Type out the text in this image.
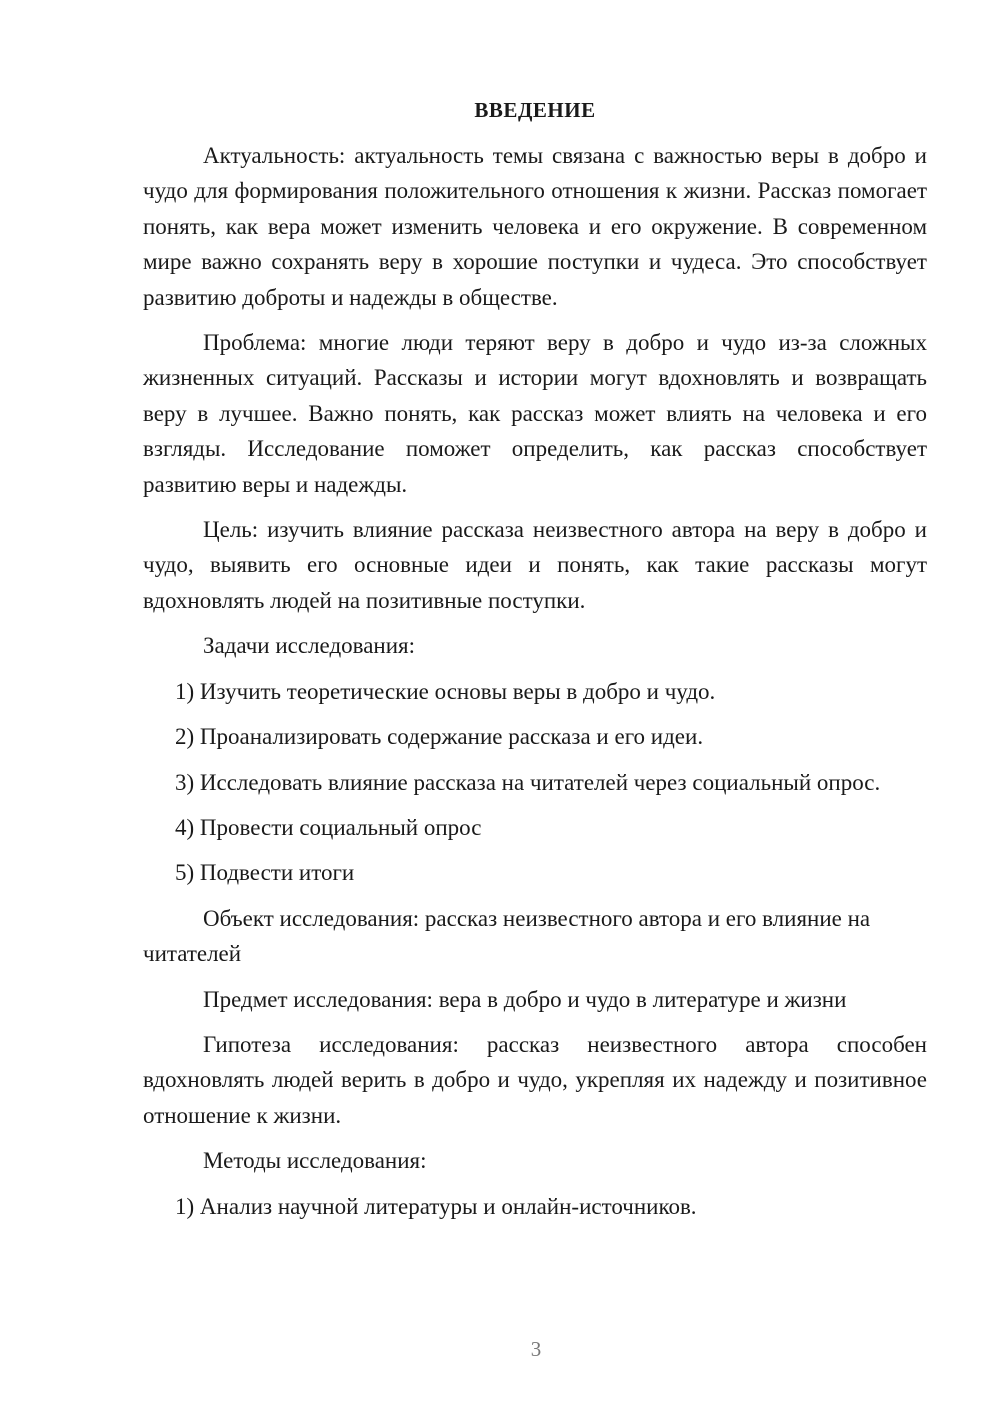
ВВЕДЕНИЕ

Актуальность: актуальность темы связана с важностью веры в добро и чудо для формирования положительного отношения к жизни. Рассказ помогает понять, как вера может изменить человека и его окружение. В современном мире важно сохранять веру в хорошие поступки и чудеса. Это способствует развитию доброты и надежды в обществе.

Проблема: многие люди теряют веру в добро и чудо из-за сложных жизненных ситуаций. Рассказы и истории могут вдохновлять и возвращать веру в лучшее. Важно понять, как рассказ может влиять на человека и его взгляды. Исследование поможет определить, как рассказ способствует развитию веры и надежды.

Цель: изучить влияние рассказа неизвестного автора на веру в добро и чудо, выявить его основные идеи и понять, как такие рассказы могут вдохновлять людей на позитивные поступки.

Задачи исследования:

1) Изучить теоретические основы веры в добро и чудо.

2) Проанализировать содержание рассказа и его идеи.

3) Исследовать влияние рассказа на читателей через социальный опрос.

4) Провести социальный опрос

5) Подвести итоги

Объект исследования: рассказ неизвестного автора и его влияние на читателей

Предмет исследования: вера в добро и чудо в литературе и жизни

Гипотеза исследования: рассказ неизвестного автора способен вдохновлять людей верить в добро и чудо, укрепляя их надежду и позитивное отношение к жизни.

Методы исследования:

1) Анализ научной литературы и онлайн-источников.

3
